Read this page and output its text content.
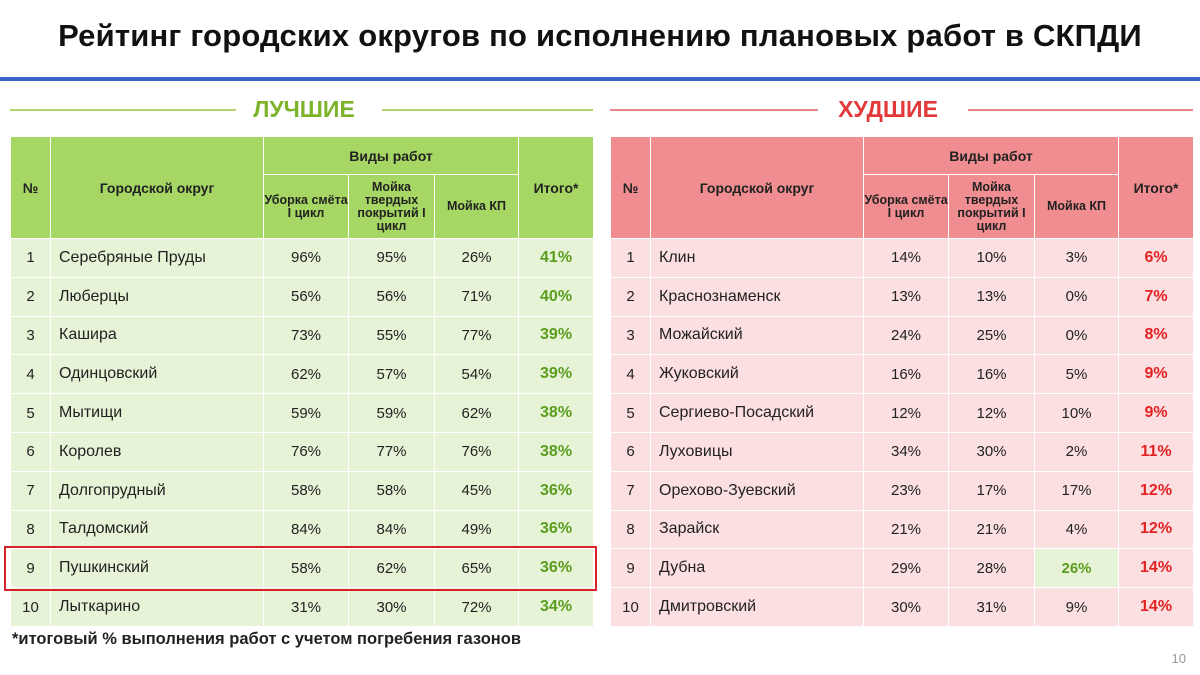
Рейтинг городских округов по исполнению плановых работ в СКПДИ
ЛУЧШИЕ	ХУДШИЕ
№	Городской округ	Виды работ			Итого*
		Уборка смёта I цикл	Мойка твердых покрытий I цикл	Мойка КП	
1	Серебряные Пруды	96%	95%	26%	41%
2	Люберцы	56%	56%	71%	40%
3	Кашира	73%	55%	77%	39%
4	Одинцовский	62%	57%	54%	39%
5	Мытищи	59%	59%	62%	38%
6	Королев	76%	77%	76%	38%
7	Долгопрудный	58%	58%	45%	36%
8	Талдомский	84%	84%	49%	36%
9	Пушкинский	58%	62%	65%	36%
10	Лыткарино	31%	30%	72%	34%
№	Городской округ	Виды работ			Итого*
		Уборка смёта I цикл	Мойка твердых покрытий I цикл	Мойка КП	
1	Клин	14%	10%	3%	6%
2	Краснознаменск	13%	13%	0%	7%
3	Можайский	24%	25%	0%	8%
4	Жуковский	16%	16%	5%	9%
5	Сергиево-Посадский	12%	12%	10%	9%
6	Луховицы	34%	30%	2%	11%
7	Орехово-Зуевский	23%	17%	17%	12%
8	Зарайск	21%	21%	4%	12%
9	Дубна	29%	28%	26%	14%
10	Дмитровский	30%	31%	9%	14%
*итоговый % выполнения работ с учетом погребения газонов
10
